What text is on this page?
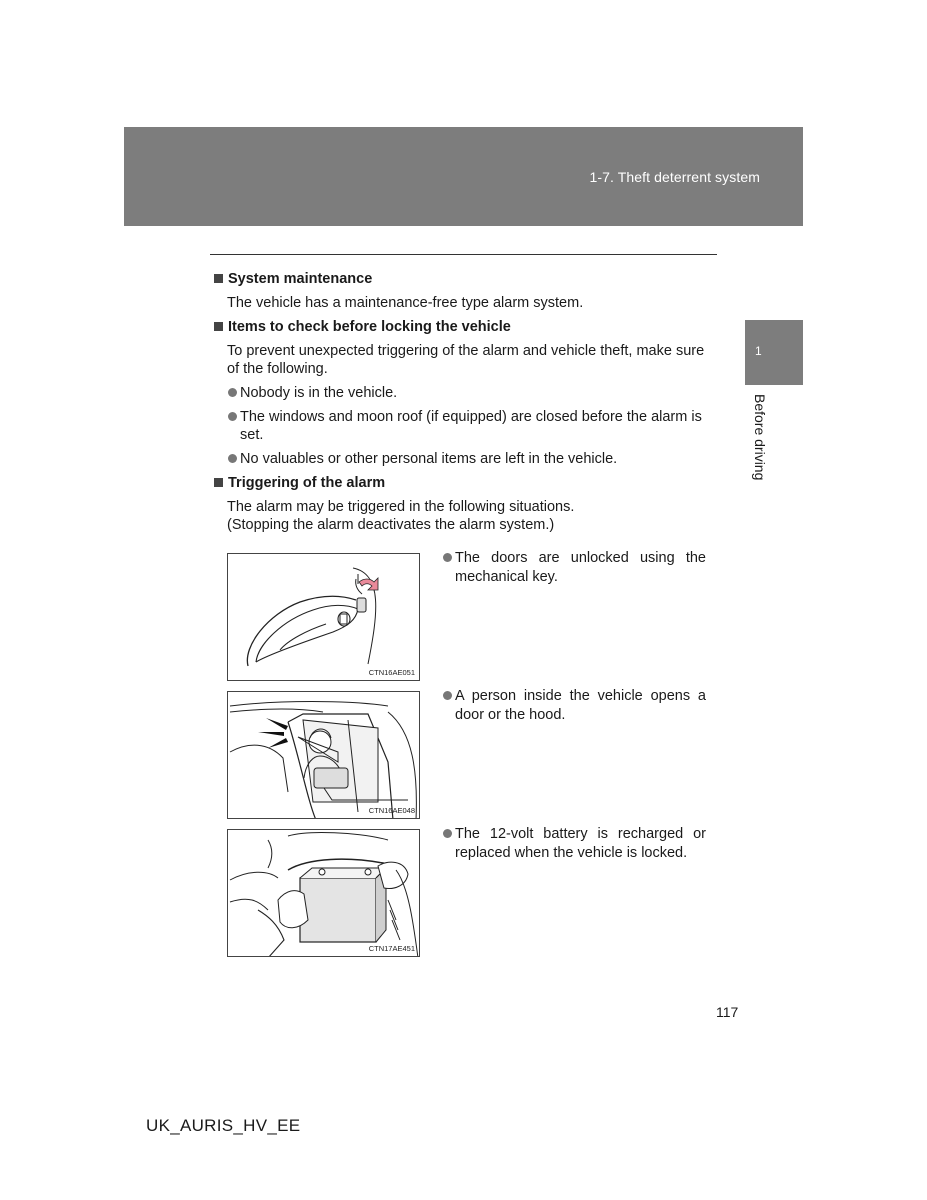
1-7. Theft deterrent system
1
Before driving

System maintenance

The vehicle has a maintenance-free type alarm system.

Items to check before locking the vehicle

To prevent unexpected triggering of the alarm and vehicle theft, make sure of the following.

Nobody is in the vehicle.

The windows and moon roof (if equipped) are closed before the alarm is set.

No valuables or other personal items are left in the vehicle.

Triggering of the alarm

The alarm may be triggered in the following situations.

(Stopping the alarm deactivates the alarm system.)

CTN16AE051

The doors are unlocked using the mechanical key.

CTN16AE048

A person inside the vehicle opens a door or the hood.

CTN17AE451

The 12-volt battery is recharged or replaced when the vehicle is locked.

117
UK_AURIS_HV_EE
